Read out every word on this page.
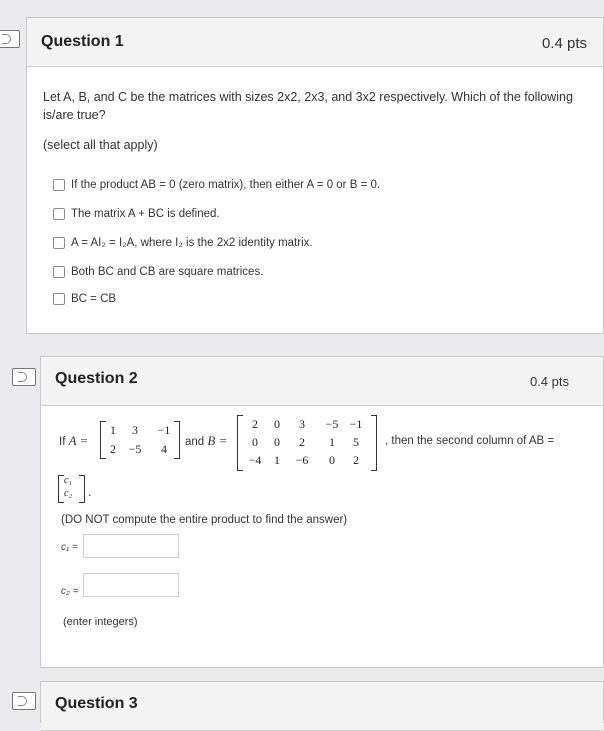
Question 1	0.4 pts
Let A, B, and C be the matrices with sizes 2x2, 2x3, and 3x2 respectively. Which of the following
is/are true?
(select all that apply)
If the product AB = 0 (zero matrix), then either A = 0 or B = 0.
The matrix A + BC is defined.
A = AI₂ = I₂A, where I₂ is the 2x2 identity matrix.
Both BC and CB are square matrices.
BC = CB
Question 2	0.4 pts
If A =
1	3	−1
2	−5	4	and B =
2	0	3	−5 −1
0	0	2	1	5
−4	1	−6	0	2
, then the second column of AB =
c₁
c₂	.
(DO NOT compute the entire product to find the answer)
c₁ =
c₂ =
(enter integers)
Question 3
